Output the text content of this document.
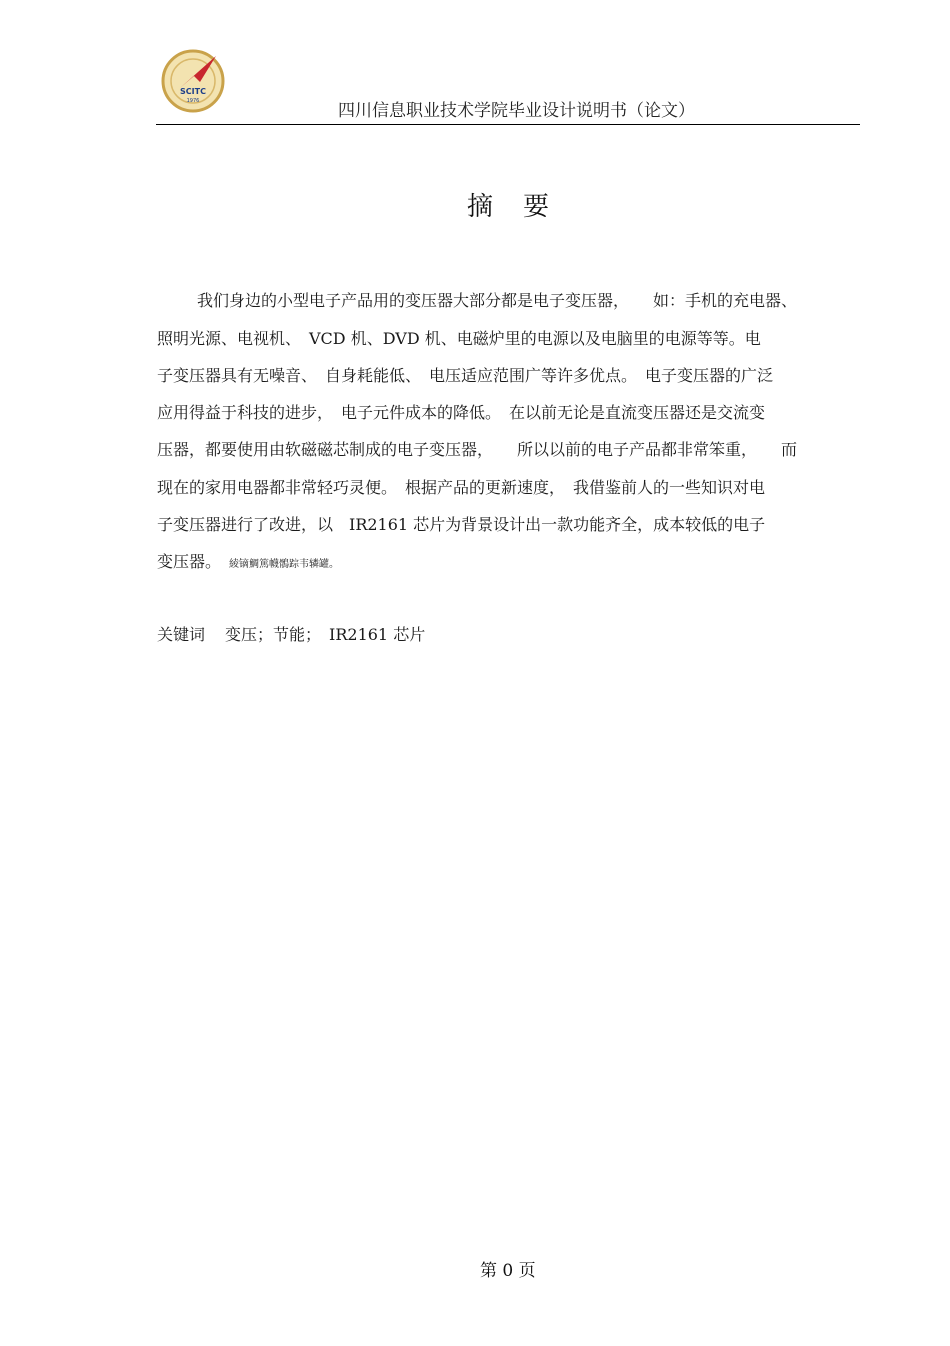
SCITC
1976	四川信息职业技术学院毕业设计说明书（论文）
摘 要
我们身边的小型电子产品用的变压器大部分都是电子变压器，　　如：手机的充电器、
照明光源、电视机、　VCD 机、DVD 机、电磁炉里的电源以及电脑里的电源等等。电
子变压器具有无噪音、　自身耗能低、　电压适应范围广等许多优点。　电子变压器的广泛
应用得益于科技的进步，　电子元件成本的降低。　在以前无论是直流变压器还是交流变
压器，都要使用由软磁磁芯制成的电子变压器，　　所以以前的电子产品都非常笨重，　　而
现在的家用电器都非常轻巧灵便。　根据产品的更新速度，　我借鉴前人的一些知识对电
子变压器进行了改进，以　IR2161 芯片为背景设计出一款功能齐全，成本较低的电子
变压器。 綾镝鯛篤幭鶻踪韦辚罐。
关键词 变压；节能；　IR2161 芯片
第 0 页
